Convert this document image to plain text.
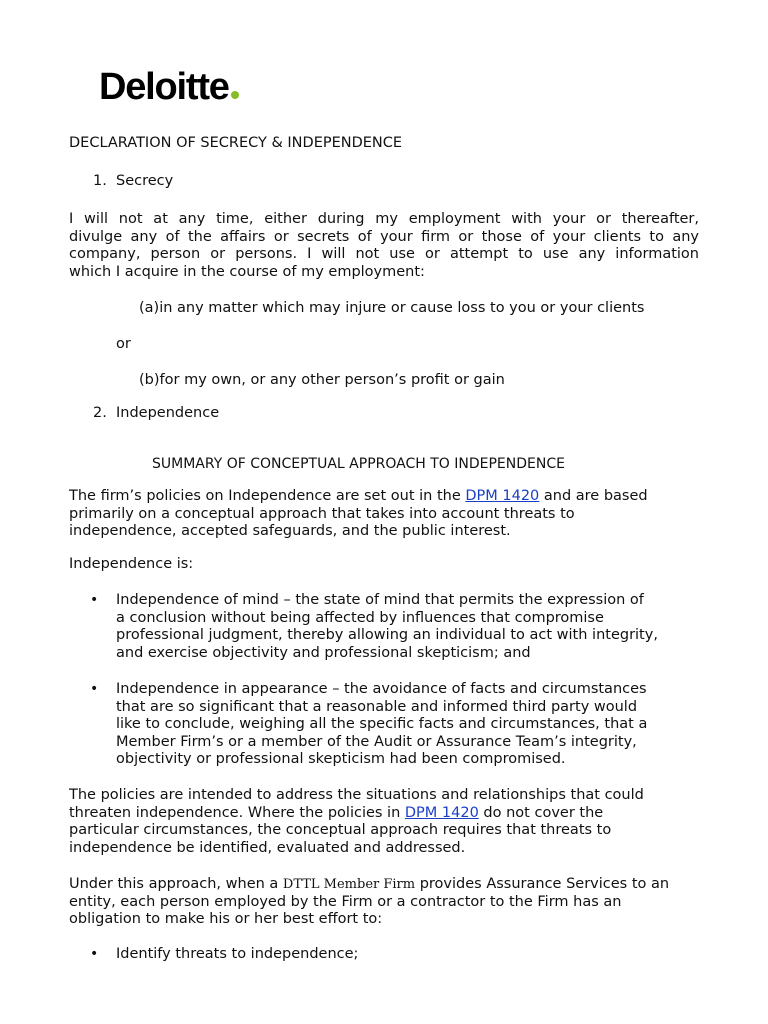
Deloitte
DECLARATION OF SECRECY & INDEPENDENCE
1. Secrecy
I will not at any time, either during my employment with your or thereafter,
divulge any of the affairs or secrets of your firm or those of your clients to any
company, person or persons. I will not use or attempt to use any information
which I acquire in the course of my employment:
(a)in any matter which may injure or cause loss to you or your clients
or
(b)for my own, or any other person’s profit or gain
2. Independence
SUMMARY OF CONCEPTUAL APPROACH TO INDEPENDENCE
The firm’s policies on Independence are set out in the DPM 1420 and are based
primarily on a conceptual approach that takes into account threats to
independence, accepted safeguards, and the public interest.
Independence is:
• Independence of mind – the state of mind that permits the expression of
a conclusion without being affected by influences that compromise
professional judgment, thereby allowing an individual to act with integrity,
and exercise objectivity and professional skepticism; and
• Independence in appearance – the avoidance of facts and circumstances
that are so significant that a reasonable and informed third party would
like to conclude, weighing all the specific facts and circumstances, that a
Member Firm’s or a member of the Audit or Assurance Team’s integrity,
objectivity or professional skepticism had been compromised.
The policies are intended to address the situations and relationships that could
threaten independence. Where the policies in DPM 1420 do not cover the
particular circumstances, the conceptual approach requires that threats to
independence be identified, evaluated and addressed.
Under this approach, when a DTTL Member Firm provides Assurance Services to an
entity, each person employed by the Firm or a contractor to the Firm has an
obligation to make his or her best effort to:
• Identify threats to independence;
